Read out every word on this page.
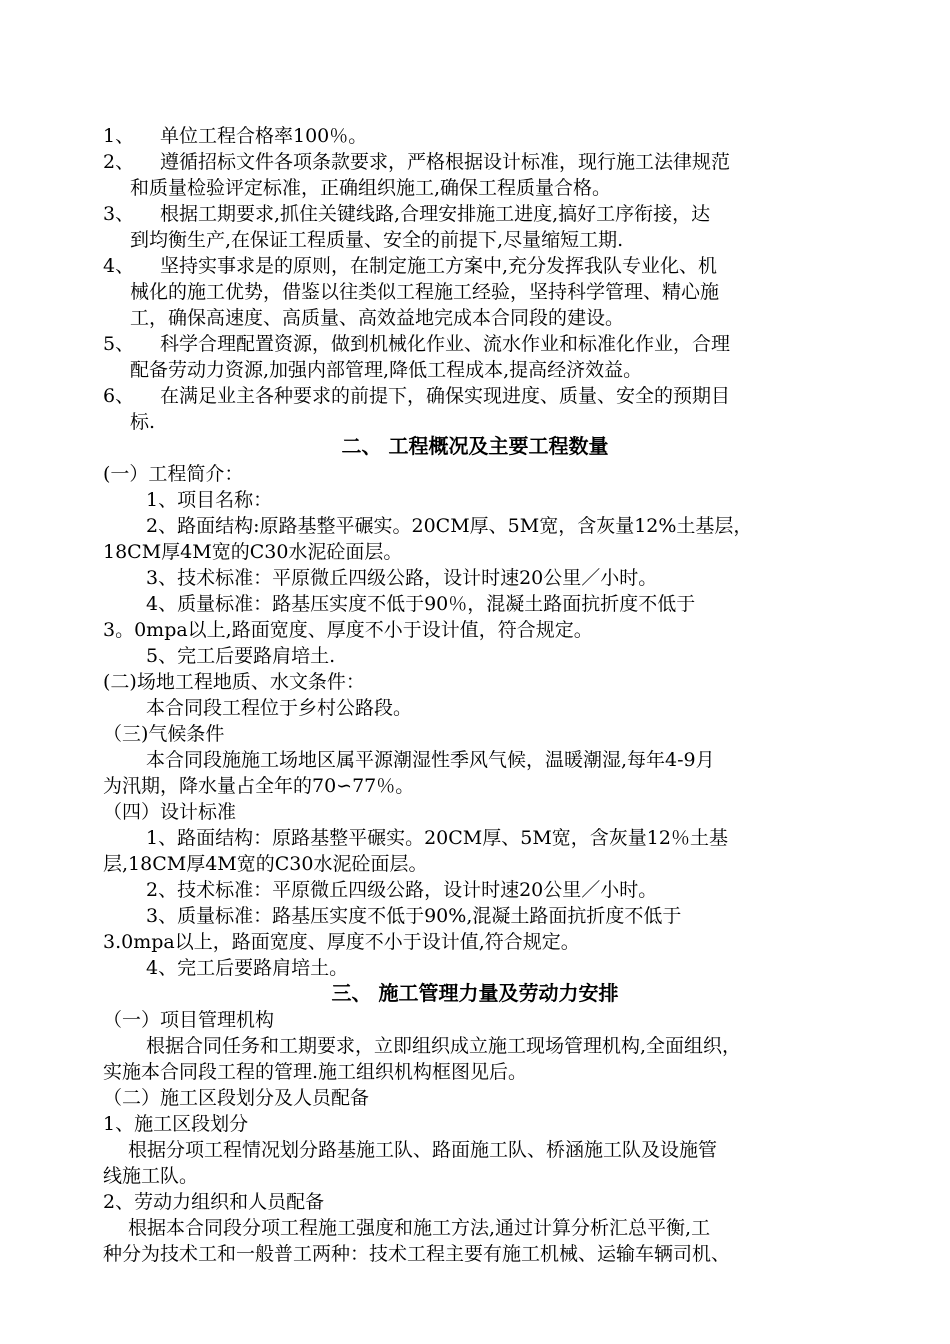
1、 单位工程合格率100％。
2、 遵循招标文件各项条款要求，严格根据设计标准，现行施工法律规范
和质量检验评定标准，正确组织施工,确保工程质量合格。
3、 根据工期要求,抓住关键线路,合理安排施工进度,搞好工序衔接，达
到均衡生产,在保证工程质量、安全的前提下,尽量缩短工期.
4、 坚持实事求是的原则，在制定施工方案中,充分发挥我队专业化、机
械化的施工优势，借鉴以往类似工程施工经验，坚持科学管理、精心施
工，确保高速度、高质量、高效益地完成本合同段的建设。
5、 科学合理配置资源，做到机械化作业、流水作业和标准化作业，合理
配备劳动力资源,加强内部管理,降低工程成本,提高经济效益。
6、 在满足业主各种要求的前提下，确保实现进度、质量、安全的预期目
标.
二、 工程概况及主要工程数量
(一）工程简介：
1、项目名称：
2、路面结构:原路基整平碾实。20CM厚、5M宽，含灰量12%土基层，
18CM厚4M宽的C30水泥砼面层。
3、技术标准：平原微丘四级公路，设计时速20公里／小时。
4、质量标准：路基压实度不低于90％，混凝土路面抗折度不低于
3。0mpa以上,路面宽度、厚度不小于设计值，符合规定。
5、完工后要路肩培土.
(二)场地工程地质、水文条件：
本合同段工程位于乡村公路段。
（三)气候条件
本合同段施施工场地区属平源潮湿性季风气候，温暖潮湿,每年4-9月
为汛期，降水量占全年的70∽77％。
（四）设计标准
1、路面结构：原路基整平碾实。20CM厚、5M宽，含灰量12％土基
层,18CM厚4M宽的C30水泥砼面层。
2、技术标准：平原微丘四级公路，设计时速20公里／小时。
3、质量标准：路基压实度不低于90%,混凝土路面抗折度不低于
3.0mpa以上，路面宽度、厚度不小于设计值,符合规定。
4、完工后要路肩培土。
三、 施工管理力量及劳动力安排
（一）项目管理机构
根据合同任务和工期要求，立即组织成立施工现场管理机构,全面组织，
实施本合同段工程的管理.施工组织机构框图见后。
（二）施工区段划分及人员配备
1、施工区段划分
根据分项工程情况划分路基施工队、路面施工队、桥涵施工队及设施管
线施工队。
2、劳动力组织和人员配备
根据本合同段分项工程施工强度和施工方法,通过计算分析汇总平衡,工
种分为技术工和一般普工两种：技术工程主要有施工机械、运输车辆司机、
